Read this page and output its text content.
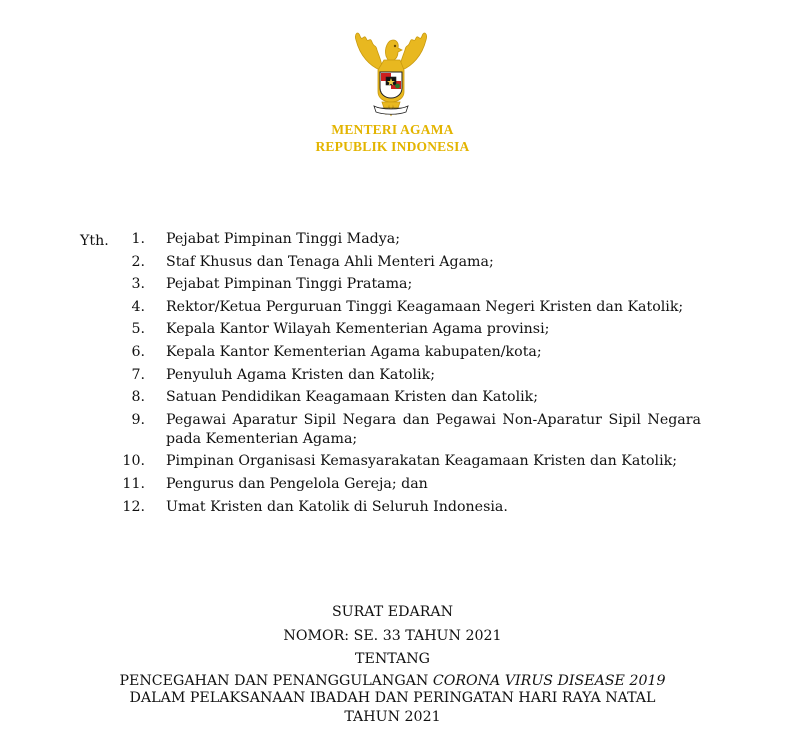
MENTERI AGAMA
REPUBLIK INDONESIA
Yth.	1. Pejabat Pimpinan Tinggi Madya;
2. Staf Khusus dan Tenaga Ahli Menteri Agama;
3. Pejabat Pimpinan Tinggi Pratama;
4. Rektor/Ketua Perguruan Tinggi Keagamaan Negeri Kristen dan Katolik;
5. Kepala Kantor Wilayah Kementerian Agama provinsi;
6. Kepala Kantor Kementerian Agama kabupaten/kota;
7. Penyuluh Agama Kristen dan Katolik;
8. Satuan Pendidikan Keagamaan Kristen dan Katolik;
9. Pegawai Aparatur Sipil Negara dan Pegawai Non-Aparatur Sipil Negara pada Kementerian Agama;
10. Pimpinan Organisasi Kemasyarakatan Keagamaan Kristen dan Katolik;
11. Pengurus dan Pengelola Gereja; dan
12. Umat Kristen dan Katolik di Seluruh Indonesia.
SURAT EDARAN
NOMOR: SE. 33 TAHUN 2021
TENTANG
PENCEGAHAN DAN PENANGGULANGAN CORONA VIRUS DISEASE 2019
DALAM PELAKSANAAN IBADAH DAN PERINGATAN HARI RAYA NATAL
TAHUN 2021
